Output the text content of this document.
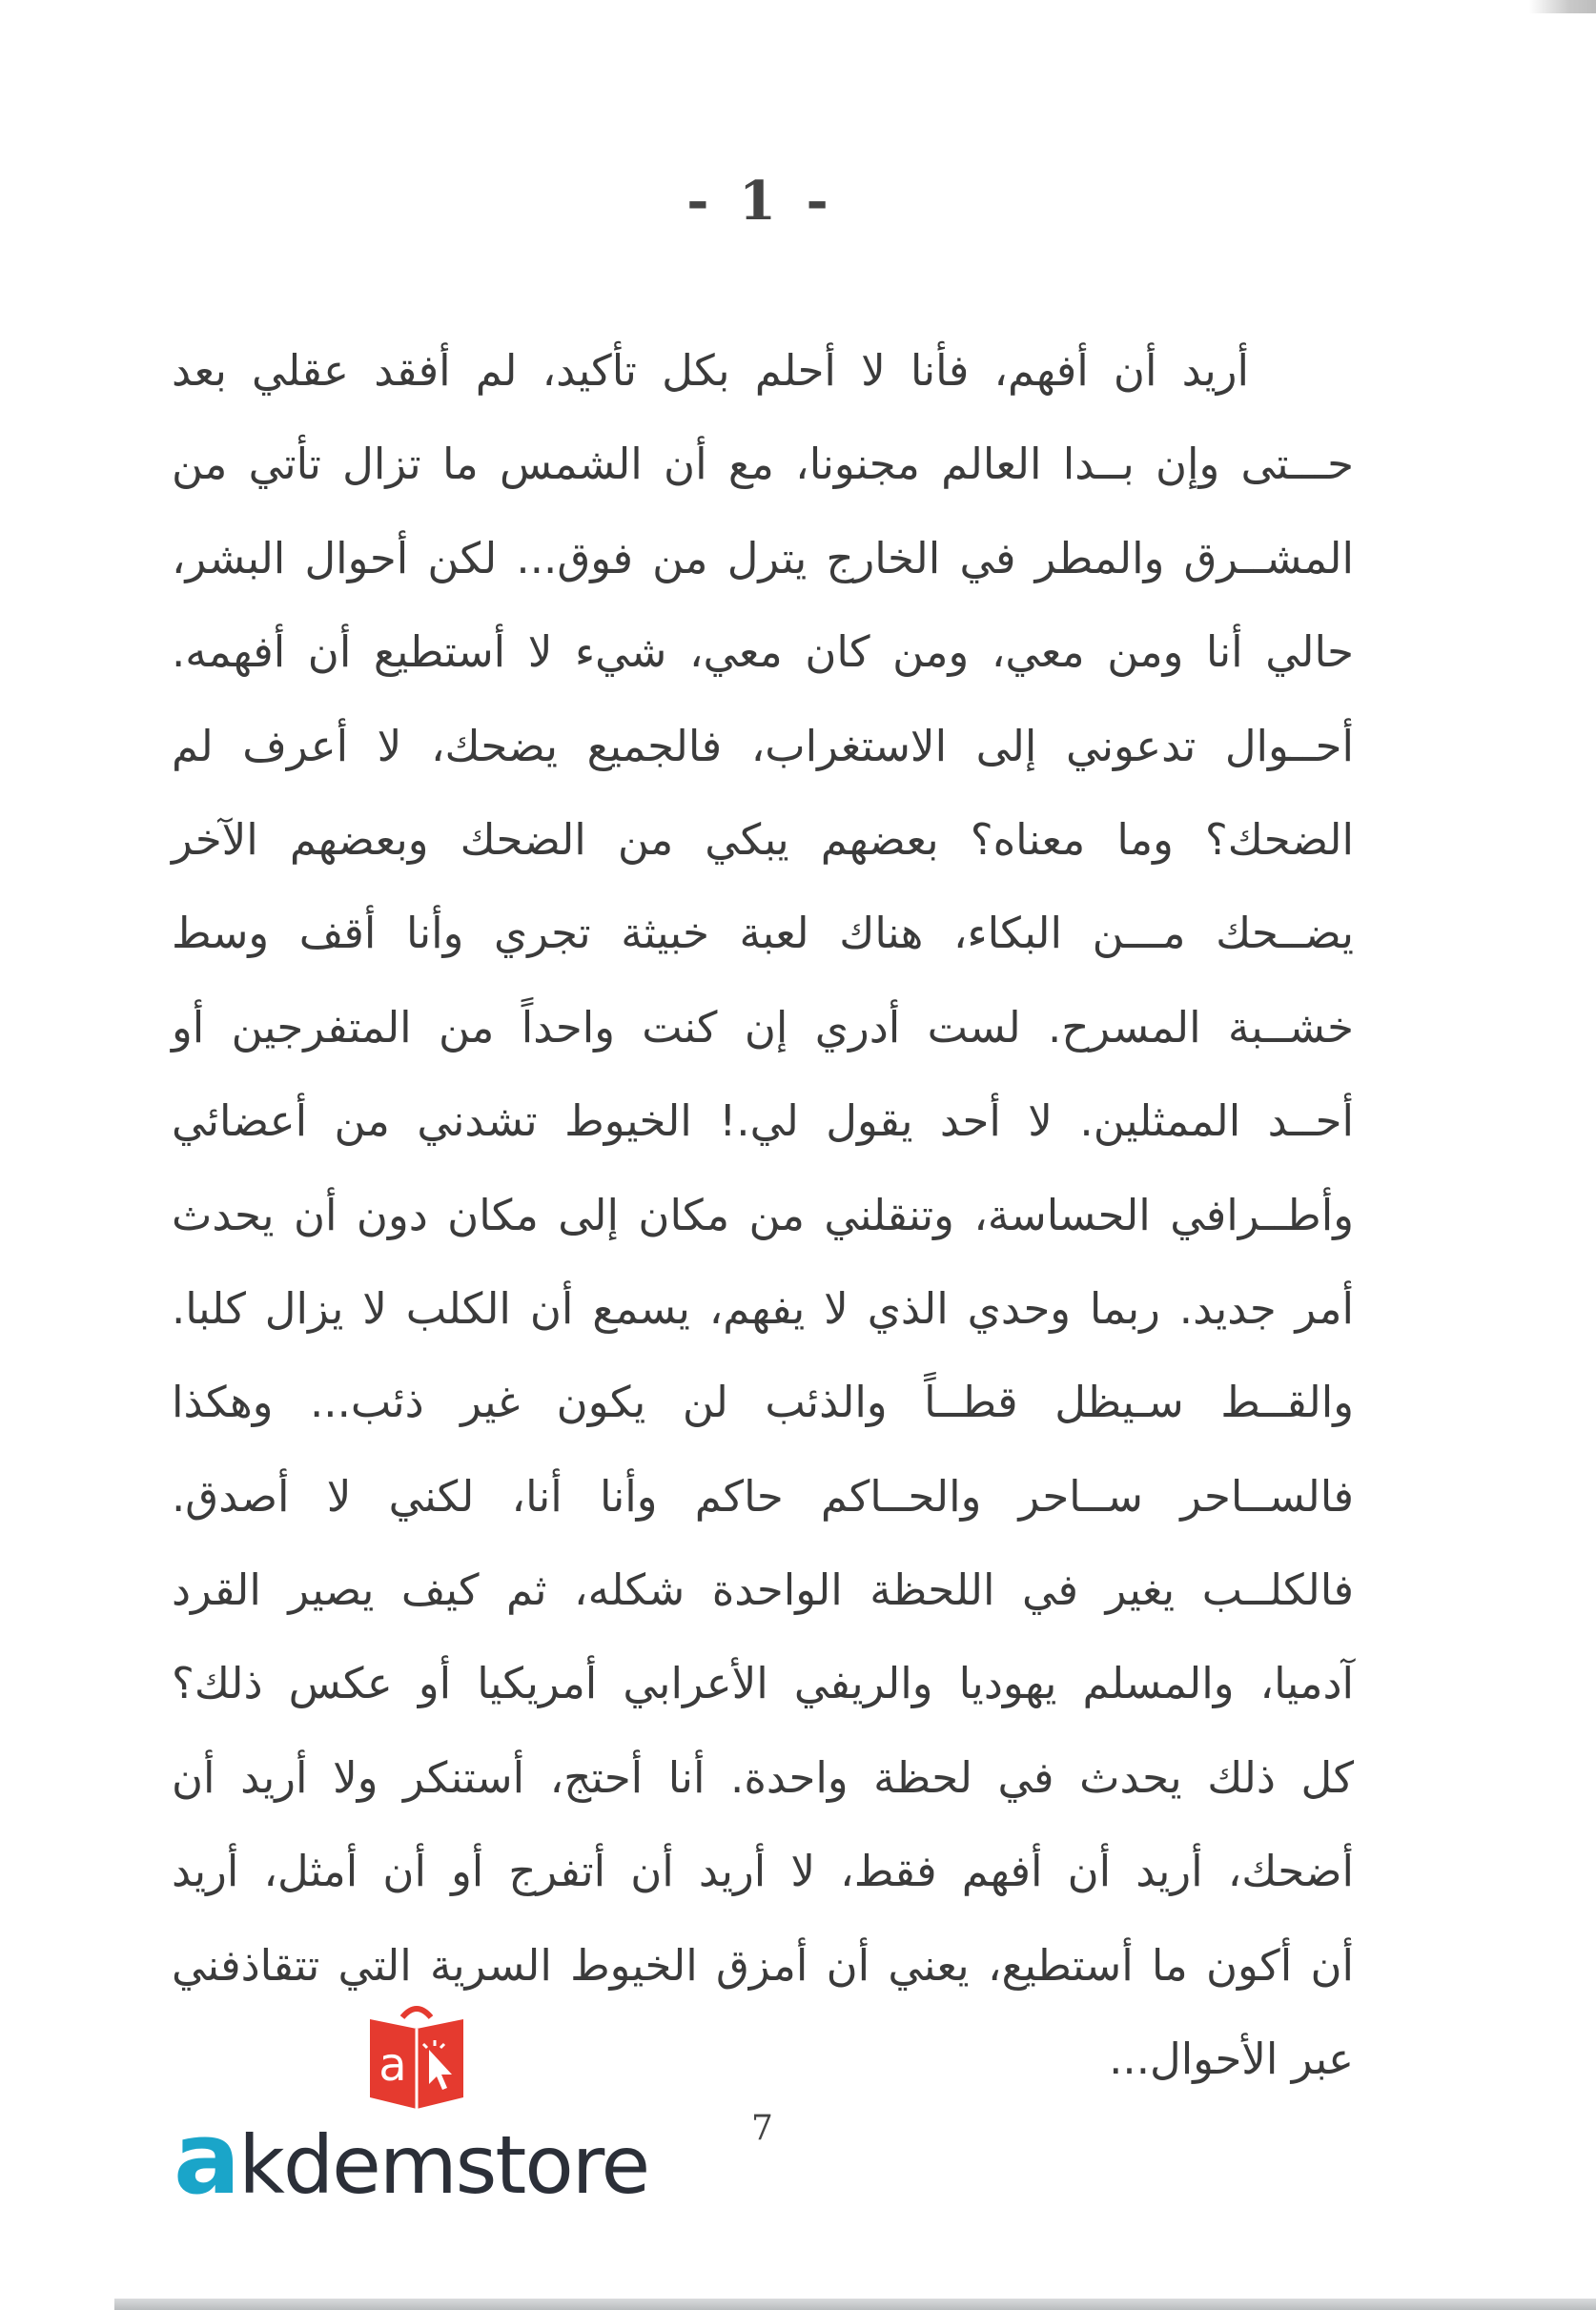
- 1 -
أريد أن أفهم، فأنا لا أحلم بكل تأكيد، لم أفقد عقلي بعد
حـــتى وإن بــدا العالم مجنونا، مع أن الشمس ما تزال تأتي من
المشــرق والمطر في الخارج يترل من فوق... لكن أحوال البشر،
حالي أنا ومن معي، ومن كان معي، شيء لا أستطيع أن أفهمه.
أحــوال تدعوني إلى الاستغراب، فالجميع يضحك، لا أعرف لم
الضحك؟ وما معناه؟ بعضهم يبكي من الضحك وبعضهم الآخر
يضــحك مـــن البكاء، هناك لعبة خبيثة تجري وأنا أقف وسط
خشــبة المسرح. لست أدري إن كنت واحداً من المتفرجين أو
أحــد الممثلين. لا أحد يقول لي.! الخيوط تشدني من أعضائي
وأطــرافي الحساسة، وتنقلني من مكان إلى مكان دون أن يحدث
أمر جديد. ربما وحدي الذي لا يفهم، يسمع أن الكلب لا يزال كلبا.
والقــط سـيظل قطــاً والذئب لن يكون غير ذئب... وهكذا
فالســاحر ســاحر والحــاكم حاكم وأنا أنا، لكني لا أصدق.
فالكلــب يغير في اللحظة الواحدة شكله، ثم كيف يصير القرد
آدميا، والمسلم يهوديا والريفي الأعرابي أمريكيا أو عكس ذلك؟
كل ذلك يحدث في لحظة واحدة. أنا أحتج، أستنكر ولا أريد أن
أضحك، أريد أن أفهم فقط، لا أريد أن أتفرج أو أن أمثل، أريد
أن أكون ما أستطيع، يعني أن أمزق الخيوط السرية التي تتقاذفني
عبر الأحوال...
a
akdemstore	7
